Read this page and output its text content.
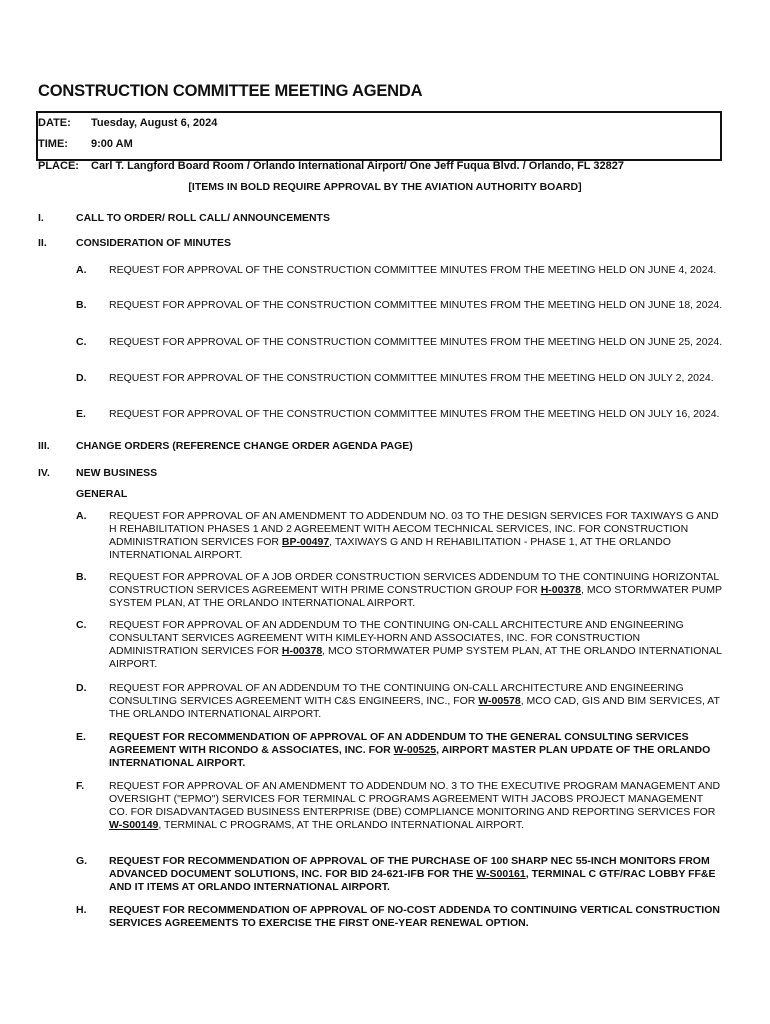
CONSTRUCTION COMMITTEE MEETING AGENDA
DATE: Tuesday, August 6, 2024
TIME: 9:00 AM
PLACE: Carl T. Langford Board Room / Orlando International Airport/ One Jeff Fuqua Blvd. / Orlando, FL 32827
[ITEMS IN BOLD REQUIRE APPROVAL BY THE AVIATION AUTHORITY BOARD]
I.	CALL TO ORDER/ ROLL CALL/ ANNOUNCEMENTS
II.	CONSIDERATION OF MINUTES
A. REQUEST FOR APPROVAL OF THE CONSTRUCTION COMMITTEE MINUTES FROM THE MEETING HELD ON JUNE 4, 2024.
B. REQUEST FOR APPROVAL OF THE CONSTRUCTION COMMITTEE MINUTES FROM THE MEETING HELD ON JUNE 18, 2024.
C. REQUEST FOR APPROVAL OF THE CONSTRUCTION COMMITTEE MINUTES FROM THE MEETING HELD ON JUNE 25, 2024.
D. REQUEST FOR APPROVAL OF THE CONSTRUCTION COMMITTEE MINUTES FROM THE MEETING HELD ON JULY 2, 2024.
E. REQUEST FOR APPROVAL OF THE CONSTRUCTION COMMITTEE MINUTES FROM THE MEETING HELD ON JULY 16, 2024.
III.	CHANGE ORDERS (REFERENCE CHANGE ORDER AGENDA PAGE)
IV. NEW BUSINESS
GENERAL
A. REQUEST FOR APPROVAL OF AN AMENDMENT TO ADDENDUM NO. 03 TO THE DESIGN SERVICES FOR TAXIWAYS G AND H REHABILITATION PHASES 1 AND 2 AGREEMENT WITH AECOM TECHNICAL SERVICES, INC. FOR CONSTRUCTION ADMINISTRATION SERVICES FOR BP-00497, TAXIWAYS G AND H REHABILITATION - PHASE 1, AT THE ORLANDO INTERNATIONAL AIRPORT.
B. REQUEST FOR APPROVAL OF A JOB ORDER CONSTRUCTION SERVICES ADDENDUM TO THE CONTINUING HORIZONTAL CONSTRUCTION SERVICES AGREEMENT WITH PRIME CONSTRUCTION GROUP FOR H-00378, MCO STORMWATER PUMP SYSTEM PLAN, AT THE ORLANDO INTERNATIONAL AIRPORT.
C. REQUEST FOR APPROVAL OF AN ADDENDUM TO THE CONTINUING ON-CALL ARCHITECTURE AND ENGINEERING CONSULTANT SERVICES AGREEMENT WITH KIMLEY-HORN AND ASSOCIATES, INC. FOR CONSTRUCTION ADMINISTRATION SERVICES FOR H-00378, MCO STORMWATER PUMP SYSTEM PLAN, AT THE ORLANDO INTERNATIONAL AIRPORT.
D. REQUEST FOR APPROVAL OF AN ADDENDUM TO THE CONTINUING ON-CALL ARCHITECTURE AND ENGINEERING CONSULTING SERVICES AGREEMENT WITH C&S ENGINEERS, INC., FOR W-00578, MCO CAD, GIS AND BIM SERVICES, AT THE ORLANDO INTERNATIONAL AIRPORT.
E. REQUEST FOR RECOMMENDATION OF APPROVAL OF AN ADDENDUM TO THE GENERAL CONSULTING SERVICES AGREEMENT WITH RICONDO & ASSOCIATES, INC. FOR W-00525, AIRPORT MASTER PLAN UPDATE OF THE ORLANDO INTERNATIONAL AIRPORT.
F. REQUEST FOR APPROVAL OF AN AMENDMENT TO ADDENDUM NO. 3 TO THE EXECUTIVE PROGRAM MANAGEMENT AND OVERSIGHT ("EPMO") SERVICES FOR TERMINAL C PROGRAMS AGREEMENT WITH JACOBS PROJECT MANAGEMENT CO. FOR DISADVANTAGED BUSINESS ENTERPRISE (DBE) COMPLIANCE MONITORING AND REPORTING SERVICES FOR W-S00149, TERMINAL C PROGRAMS, AT THE ORLANDO INTERNATIONAL AIRPORT.
G. REQUEST FOR RECOMMENDATION OF APPROVAL OF THE PURCHASE OF 100 SHARP NEC 55-INCH MONITORS FROM ADVANCED DOCUMENT SOLUTIONS, INC. FOR BID 24-621-IFB FOR THE W-S00161, TERMINAL C GTF/RAC LOBBY FF&E AND IT ITEMS AT ORLANDO INTERNATIONAL AIRPORT.
H. REQUEST FOR RECOMMENDATION OF APPROVAL OF NO-COST ADDENDA TO CONTINUING VERTICAL CONSTRUCTION SERVICES AGREEMENTS TO EXERCISE THE FIRST ONE-YEAR RENEWAL OPTION.
